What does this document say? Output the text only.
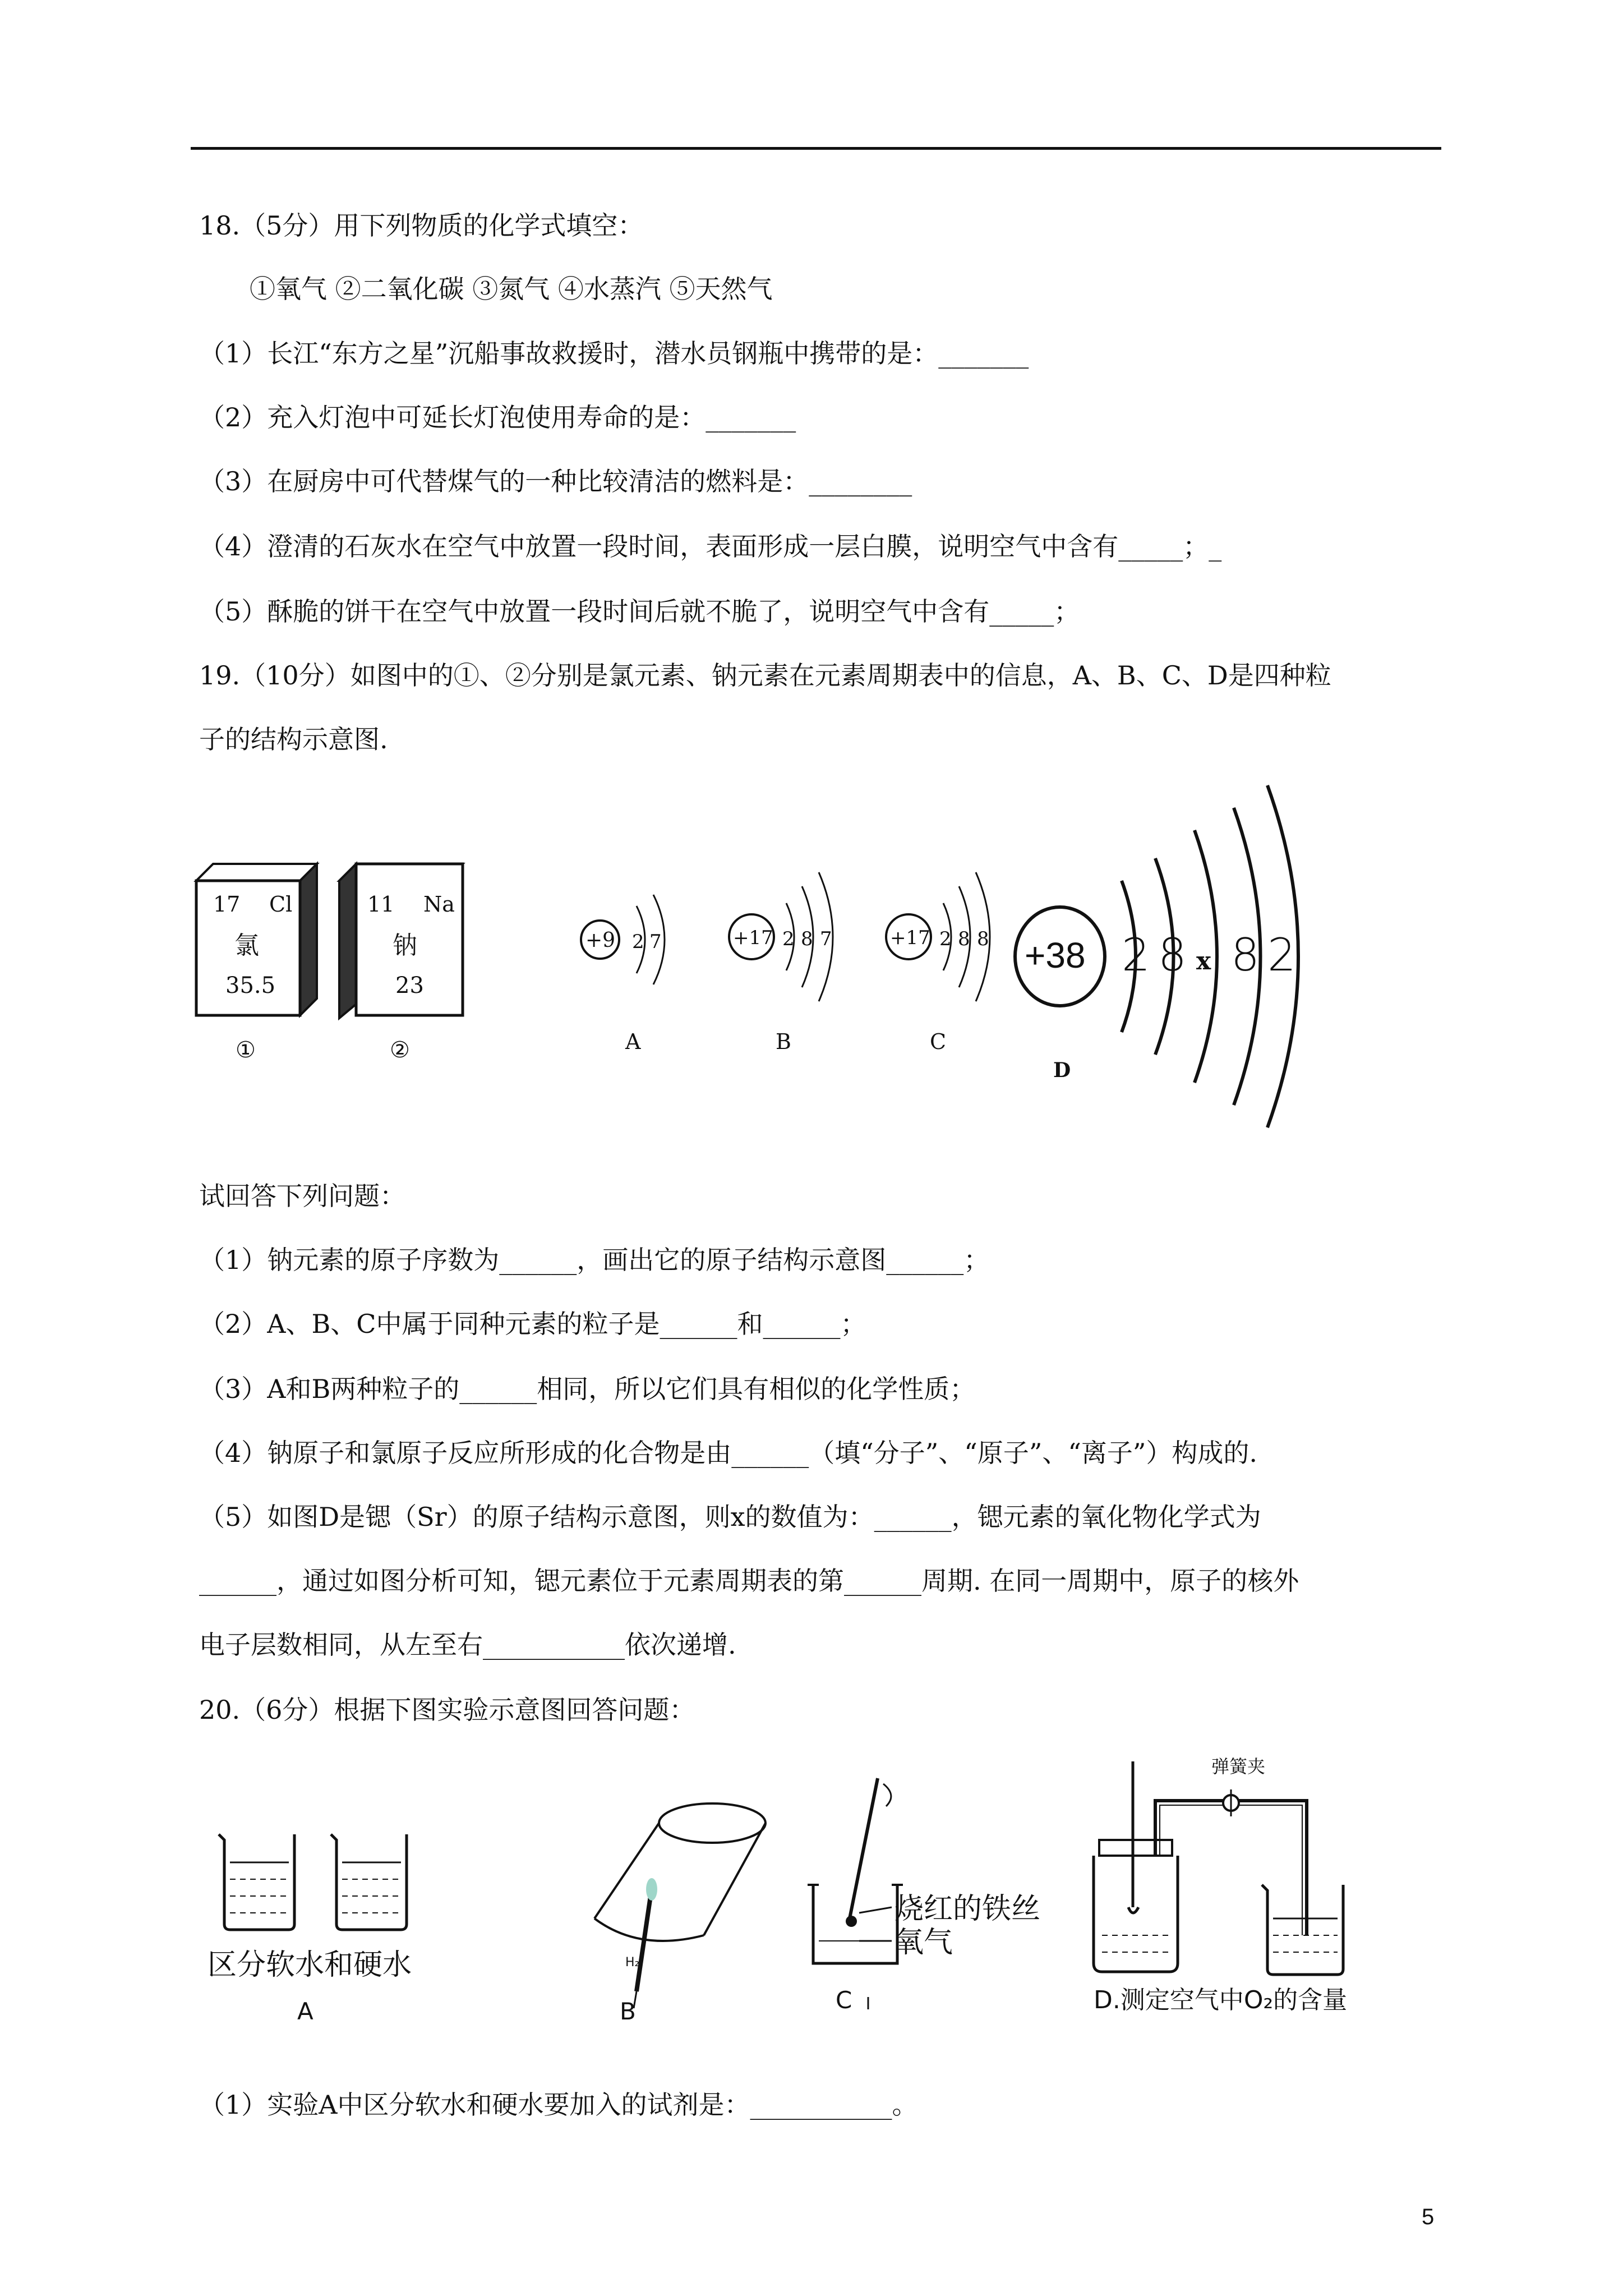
18.（5分）用下列物质的化学式填空：
①氧气 ②二氧化碳 ③氮气 ④水蒸汽 ⑤天然气
（1）长江“东方之星”沉船事故救援时，潜水员钢瓶中携带的是：_______
（2）充入灯泡中可延长灯泡使用寿命的是：_______
（3）在厨房中可代替煤气的一种比较清洁的燃料是：________
（4）澄清的石灰水在空气中放置一段时间，表面形成一层白膜，说明空气中含有_____；_
（5）酥脆的饼干在空气中放置一段时间后就不脆了，说明空气中含有_____；
19.（10分）如图中的①、②分别是氯元素、钠元素在元素周期表中的信息，A、B、C、D是四种粒
子的结构示意图.
17 Cl
氯
35.5
①
11 Na
钠
23
②
+9 2 7
A
+17 2 8 7
B
+17 2 8 8
C
+38 2 8 x 8 2
D
试回答下列问题：
（1）钠元素的原子序数为______，画出它的原子结构示意图______；
（2）A、B、C中属于同种元素的粒子是______和______；
（3）A和B两种粒子的______相同，所以它们具有相似的化学性质；
（4）钠原子和氯原子反应所形成的化合物是由______（填“分子”、“原子”、“离子”）构成的.
（5）如图D是锶（Sr）的原子结构示意图，则x的数值为：______，锶元素的氧化物化学式为
______，通过如图分析可知，锶元素位于元素周期表的第______周期. 在同一周期中，原子的核外
电子层数相同，从左至右___________依次递增.
20.（6分）根据下图实验示意图回答问题：
区分软水和硬水
A
H₂
B
烧红的铁丝
氧气
C
弹簧夹
D.测定空气中O₂的含量
（1）实验A中区分软水和硬水要加入的试剂是：___________。
5
